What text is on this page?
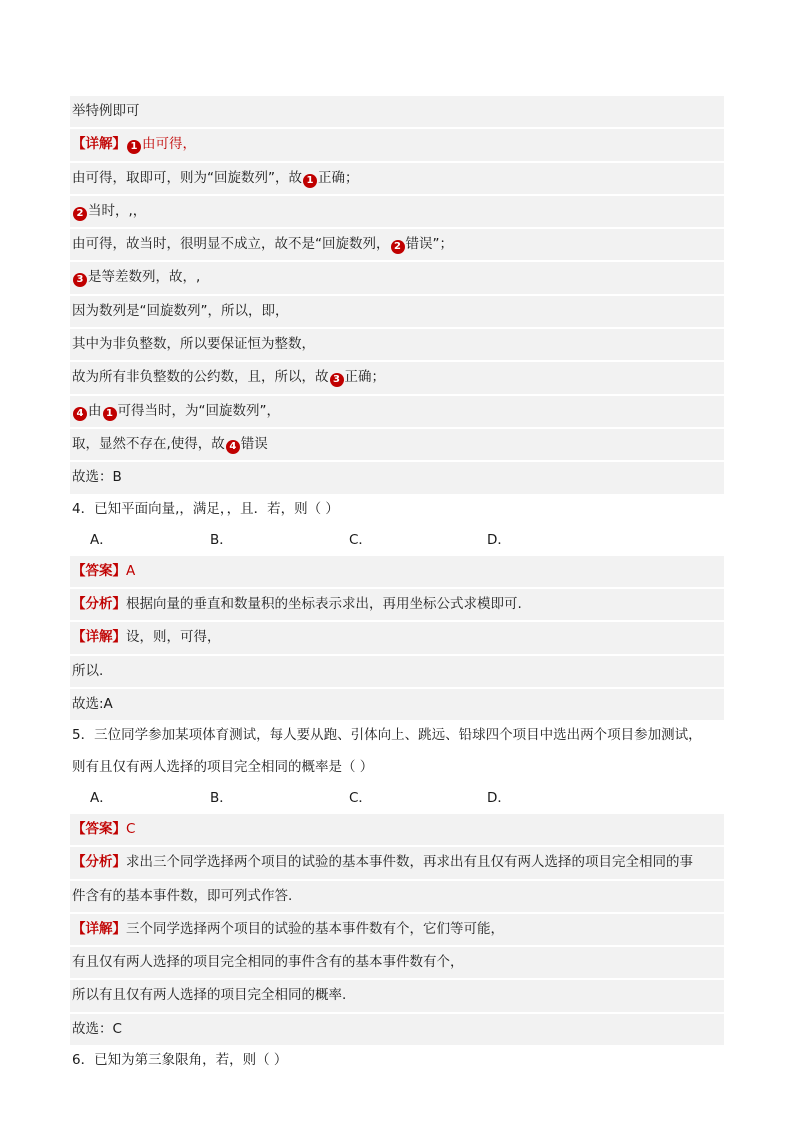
举特例即可
【详解】 1 由可得，
由可得，取即可，则为“回旋数列”，故 1 正确；
2 当时，,，
由可得，故当时，很明显不成立，故不是“回旋数列， 2 错误”；
3 是等差数列，故，,
因为数列是“回旋数列”，所以，即，
其中为非负整数，所以要保证恒为整数，
故为所有非负整数的公约数，且，所以，故 3 正确；
4 由 1 可得当时，为“回旋数列”，
取，显然不存在,使得，故 4 错误
故选：B
4．已知平面向量,，满足，，且．若，则（ ）
A．	B．	C．	D．
【答案】A
【分析】根据向量的垂直和数量积的坐标表示求出，再用坐标公式求模即可.
【详解】设，则，可得，
所以.
故选:A
5．三位同学参加某项体育测试，每人要从跑、引体向上、跳远、铅球四个项目中选出两个项目参加测试，
则有且仅有两人选择的项目完全相同的概率是（ ）
A．	B．	C．	D．
【答案】C
【分析】求出三个同学选择两个项目的试验的基本事件数，再求出有且仅有两人选择的项目完全相同的事
件含有的基本事件数，即可列式作答.
【详解】三个同学选择两个项目的试验的基本事件数有个，它们等可能，
有且仅有两人选择的项目完全相同的事件含有的基本事件数有个，
所以有且仅有两人选择的项目完全相同的概率.
故选：C
6．已知为第三象限角，若，则（ ）
